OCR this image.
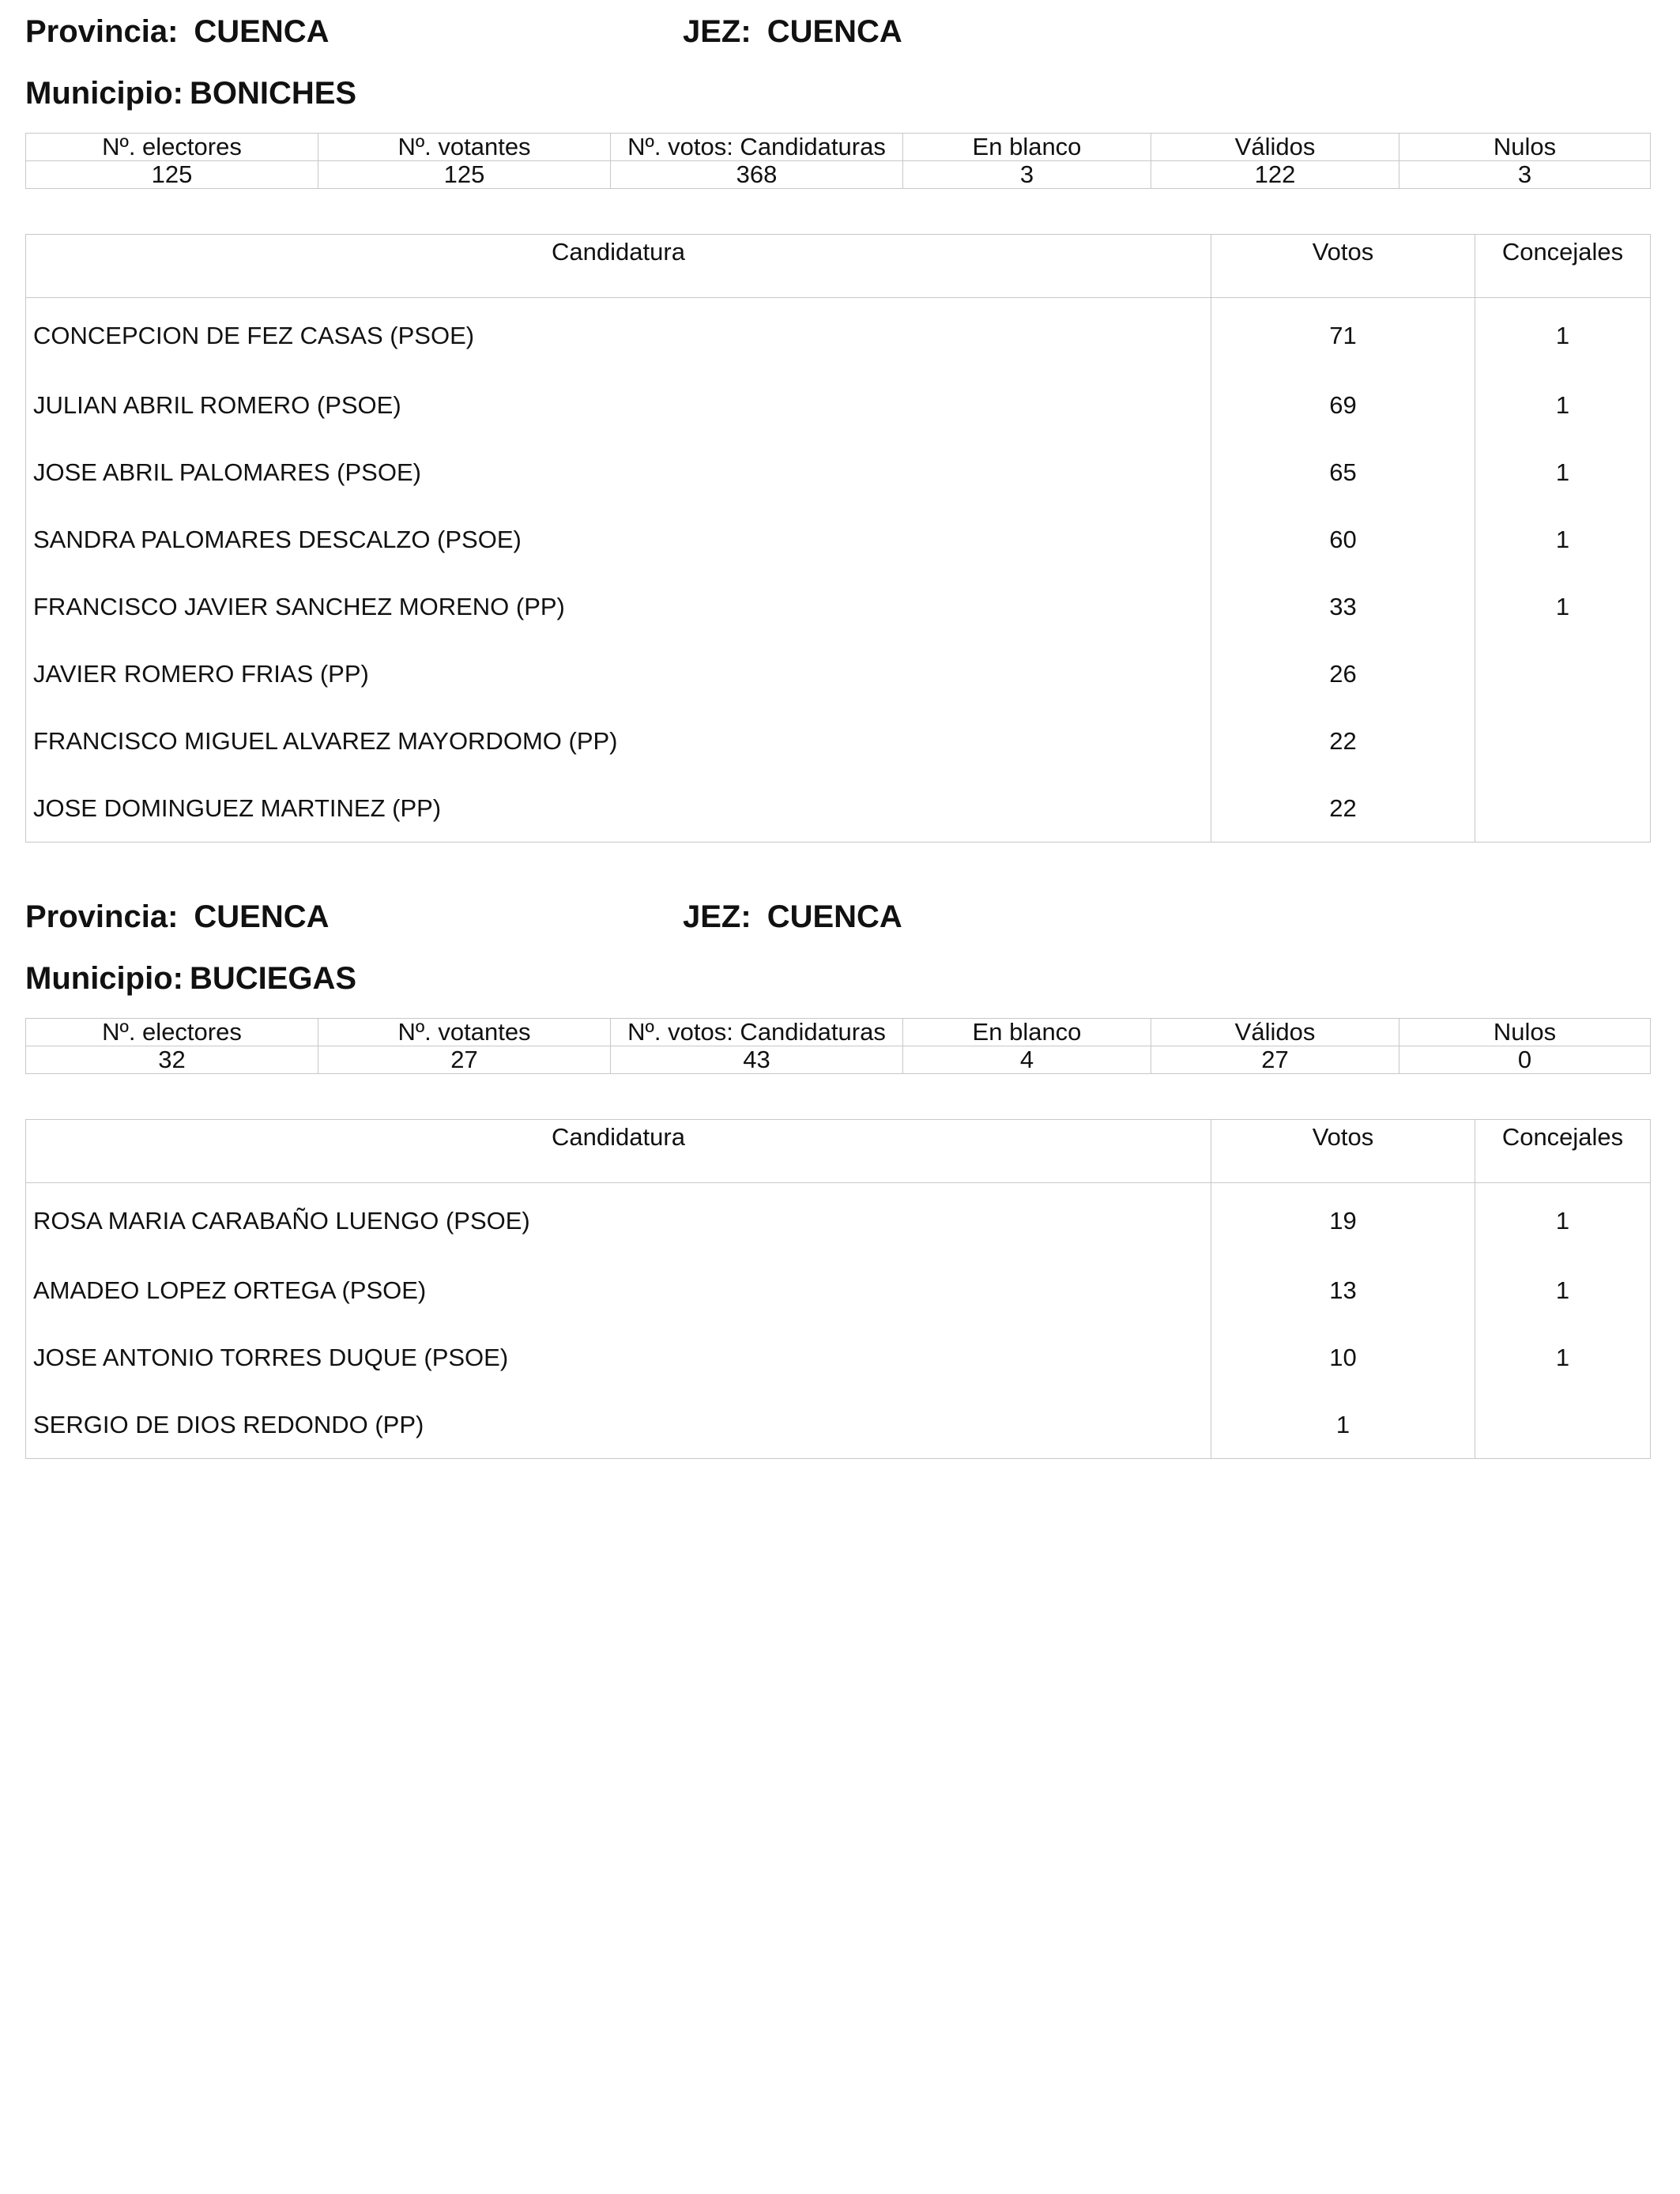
Provincia: CUENCA	JEZ: CUENCA
Municipio: BONICHES
Nº. electores	Nº. votantes	Nº. votos: Candidaturas	En blanco	Válidos	Nulos
125	125	368	3	122	3
Candidatura	Votos	Concejales
CONCEPCION DE FEZ CASAS (PSOE)	71	1
JULIAN ABRIL ROMERO (PSOE)	69	1
JOSE ABRIL PALOMARES (PSOE)	65	1
SANDRA PALOMARES DESCALZO (PSOE)	60	1
FRANCISCO JAVIER SANCHEZ MORENO (PP)	33	1
JAVIER ROMERO FRIAS (PP)	26	
FRANCISCO MIGUEL ALVAREZ MAYORDOMO (PP)	22	
JOSE DOMINGUEZ MARTINEZ (PP)	22	
Provincia: CUENCA	JEZ: CUENCA
Municipio: BUCIEGAS
Nº. electores	Nº. votantes	Nº. votos: Candidaturas	En blanco	Válidos	Nulos
32	27	43	4	27	0
Candidatura	Votos	Concejales
ROSA MARIA CARABAÑO LUENGO (PSOE)	19	1
AMADEO LOPEZ ORTEGA (PSOE)	13	1
JOSE ANTONIO TORRES DUQUE (PSOE)	10	1
SERGIO DE DIOS REDONDO (PP)	1	
